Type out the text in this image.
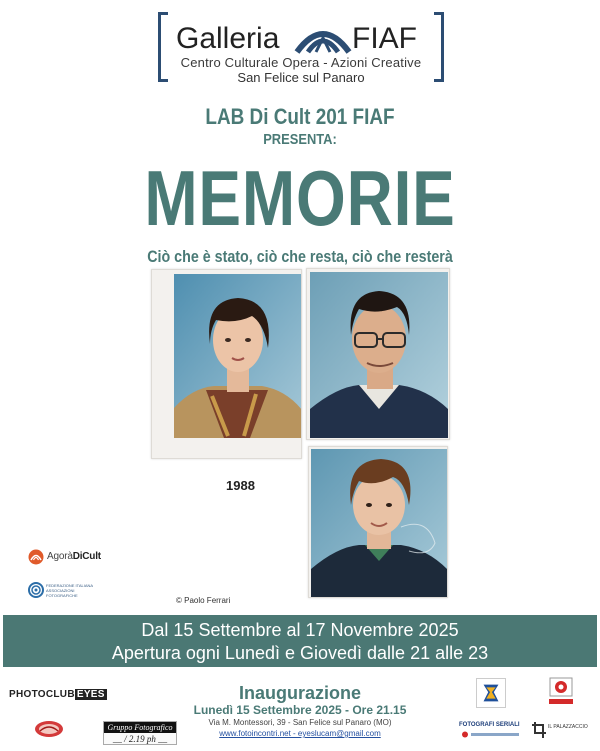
Galleria FIAF
Centro Culturale Opera - Azioni Creative
San Felice sul Panaro
LAB Di Cult 201 FIAF
PRESENTA:
MEMORIE
Ciò che è stato, ciò che resta, ciò che resterà
1988
© Paolo Ferrari
AgoràDiCult
FEDERAZIONE ITALIANA ASSOCIAZIONI FOTOGRAFICHE
Dal 15 Settembre al 17 Novembre 2025
Apertura ogni Lunedì e Giovedì dalle 21 alle 23
PHOTOCLUB EYES
Gruppo Fotografico
__ / 2.19 ph __
Inaugurazione
Lunedì 15 Settembre 2025 - Ore 21.15
Via M. Montessori, 39 - San Felice sul Panaro (MO)
www.fotoincontri.net - eyeslucam@gmail.com
FOTOGRAFI SERIALI	IL PALAZZACCIO
